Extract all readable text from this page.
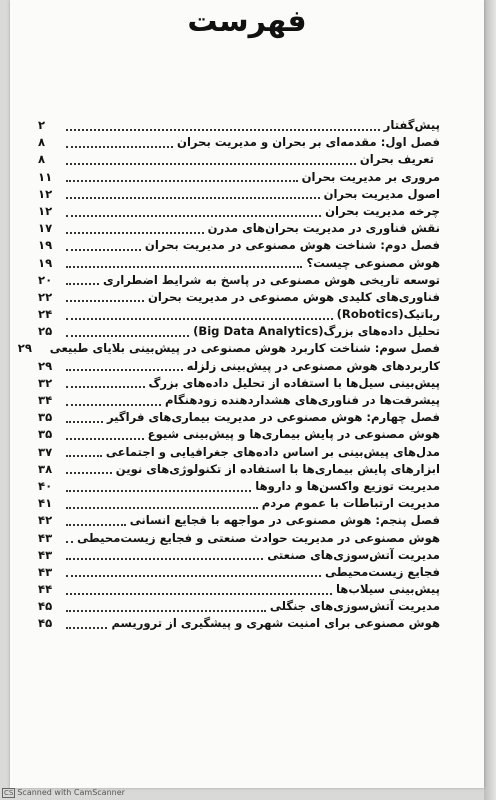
فهرست
پیش‌گفتار
۲
فصل اول: مقدمه‌ای بر بحران و مدیریت بحران
۸
تعریف بحران
۸
مروری بر مدیریت بحران
۱۱
اصول مدیریت بحران
۱۲
چرخه مدیریت بحران
۱۲
نقش فناوری در مدیریت بحران‌های مدرن
۱۷
فصل دوم: شناخت هوش مصنوعی در مدیریت بحران
۱۹
هوش مصنوعی چیست؟
۱۹
توسعه تاریخی هوش مصنوعی در پاسخ به شرایط اضطراری
۲۰
فناوری‌های کلیدی هوش مصنوعی در مدیریت بحران
۲۲
رباتیک(Robotics)
۲۴
تحلیل داده‌های بزرگ(Big Data Analytics)
۲۵
فصل سوم: شناخت کاربرد هوش مصنوعی در پیش‌بینی بلایای طبیعی
۲۹
کاربردهای هوش مصنوعی در پیش‌بینی زلزله
۲۹
پیش‌بینی سیل‌ها با استفاده از تحلیل داده‌های بزرگ
۳۲
پیشرفت‌ها در فناوری‌های هشداردهنده زودهنگام
۳۴
فصل چهارم: هوش مصنوعی در مدیریت بیماری‌های فراگیر
۳۵
هوش مصنوعی در پایش بیماری‌ها و پیش‌بینی شیوع
۳۵
مدل‌های پیش‌بینی بر اساس داده‌های جغرافیایی و اجتماعی
۳۷
ابزارهای پایش بیماری‌ها با استفاده از تکنولوژی‌های نوین
۳۸
مدیریت توزیع واکسن‌ها و داروها
۴۰
مدیریت ارتباطات با عموم مردم
۴۱
فصل پنجم: هوش مصنوعی در مواجهه با فجایع انسانی
۴۲
هوش مصنوعی در مدیریت حوادث صنعتی و فجایع زیست‌محیطی
۴۳
مدیریت آتش‌سوزی‌های صنعتی
۴۳
فجایع زیست‌محیطی
۴۳
پیش‌بینی سیلاب‌ها
۴۴
مدیریت آتش‌سوزی‌های جنگلی
۴۵
هوش مصنوعی برای امنیت شهری و پیشگیری از تروریسم
۴۵
CS Scanned with CamScanner
